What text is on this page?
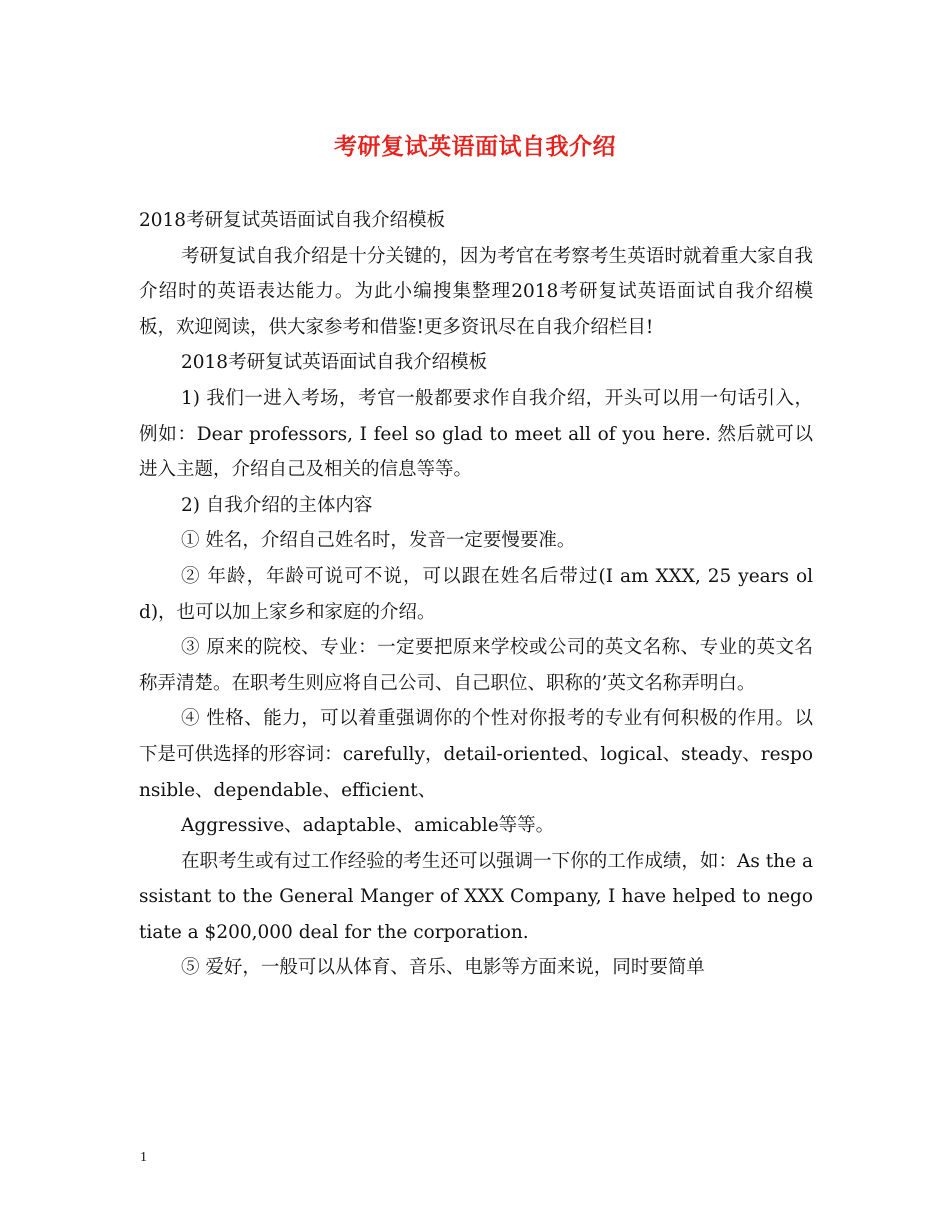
考研复试英语面试自我介绍

2018考研复试英语面试自我介绍模板

考研复试自我介绍是十分关键的，因为考官在考察考生英语时就着重大家自我介绍时的英语表达能力。为此小编搜集整理2018考研复试英语面试自我介绍模板，欢迎阅读，供大家参考和借鉴!更多资讯尽在自我介绍栏目!

2018考研复试英语面试自我介绍模板

1) 我们一进入考场，考官一般都要求作自我介绍，开头可以用一句话引入，例如：Dear professors, I feel so glad to meet all of you here. 然后就可以进入主题，介绍自己及相关的信息等等。

2) 自我介绍的主体内容

① 姓名，介绍自己姓名时，发音一定要慢要准。

② 年龄，年龄可说可不说，可以跟在姓名后带过(I am XXX, 25 years old)，也可以加上家乡和家庭的介绍。

③ 原来的院校、专业：一定要把原来学校或公司的英文名称、专业的英文名称弄清楚。在职考生则应将自己公司、自己职位、职称的’英文名称弄明白。

④ 性格、能力，可以着重强调你的个性对你报考的专业有何积极的作用。以下是可供选择的形容词：carefully，detail-oriented、logical、steady、responsible、dependable、efficient、

Aggressive、adaptable、amicable等等。

在职考生或有过工作经验的考生还可以强调一下你的工作成绩，如：As the assistant to the General Manger of XXX Company, I have helped to negotiate a $200,000 deal for the corporation.

⑤ 爱好，一般可以从体育、音乐、电影等方面来说，同时要简单

1
